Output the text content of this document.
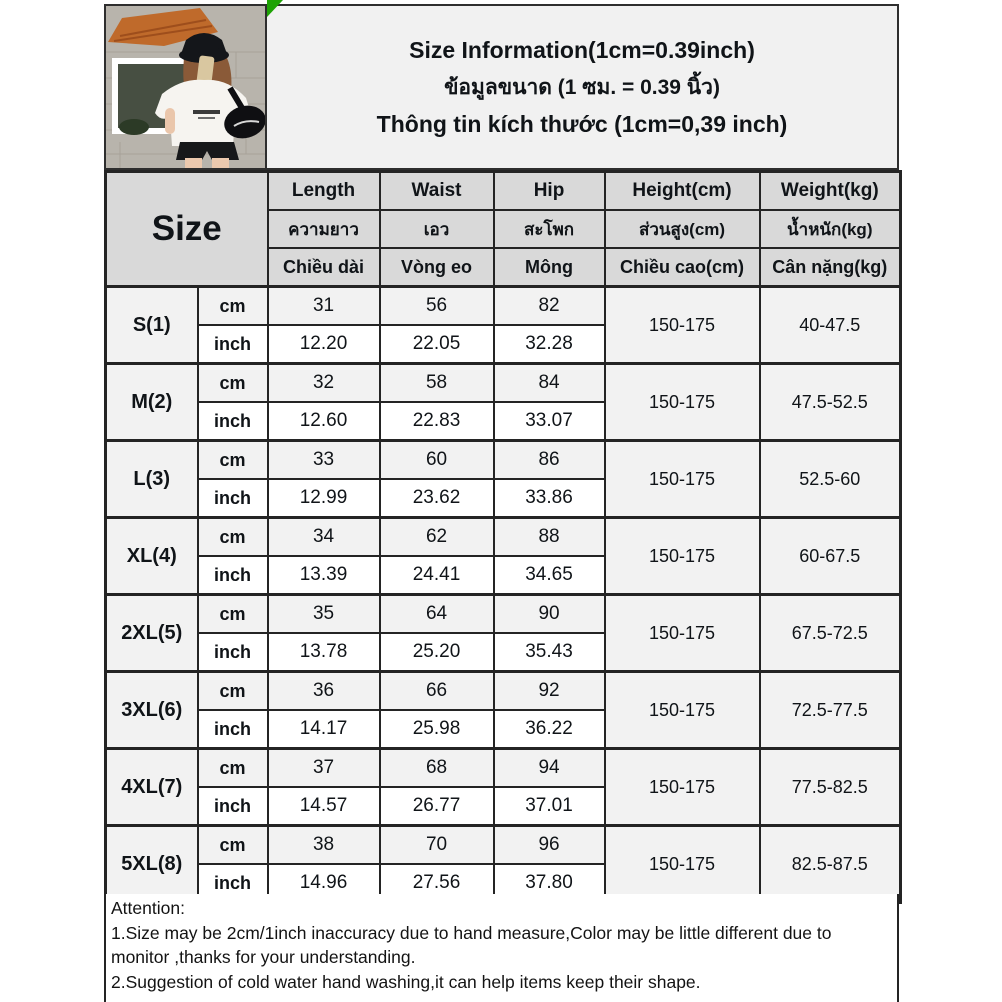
Size Information(1cm=0.39inch)
ข้อมูลขนาด (1 ซม. = 0.39 นิ้ว)
Thông tin kích thước (1cm=0,39 inch)
Size		Length	Waist	Hip	Height(cm)	Weight(kg)
		ความยาว	เอว	สะโพก	ส่วนสูง(cm)	น้ำหนัก(kg)
		Chiều dài	Vòng eo	Mông	Chiều cao(cm)	Cân nặng(kg)
S(1)	cm	31	56	82	150-175	40-47.5
	inch	12.20	22.05	32.28		
M(2)	cm	32	58	84	150-175	47.5-52.5
	inch	12.60	22.83	33.07		
L(3)	cm	33	60	86	150-175	52.5-60
	inch	12.99	23.62	33.86		
XL(4)	cm	34	62	88	150-175	60-67.5
	inch	13.39	24.41	34.65		
2XL(5)	cm	35	64	90	150-175	67.5-72.5
	inch	13.78	25.20	35.43		
3XL(6)	cm	36	66	92	150-175	72.5-77.5
	inch	14.17	25.98	36.22		
4XL(7)	cm	37	68	94	150-175	77.5-82.5
	inch	14.57	26.77	37.01		
5XL(8)	cm	38	70	96	150-175	82.5-87.5
	inch	14.96	27.56	37.80		
Attention:
1.Size may be 2cm/1inch inaccuracy due to hand measure,Color may be little different due to monitor ,thanks for your understanding.
2.Suggestion of cold water hand washing,it can help items keep their shape.
